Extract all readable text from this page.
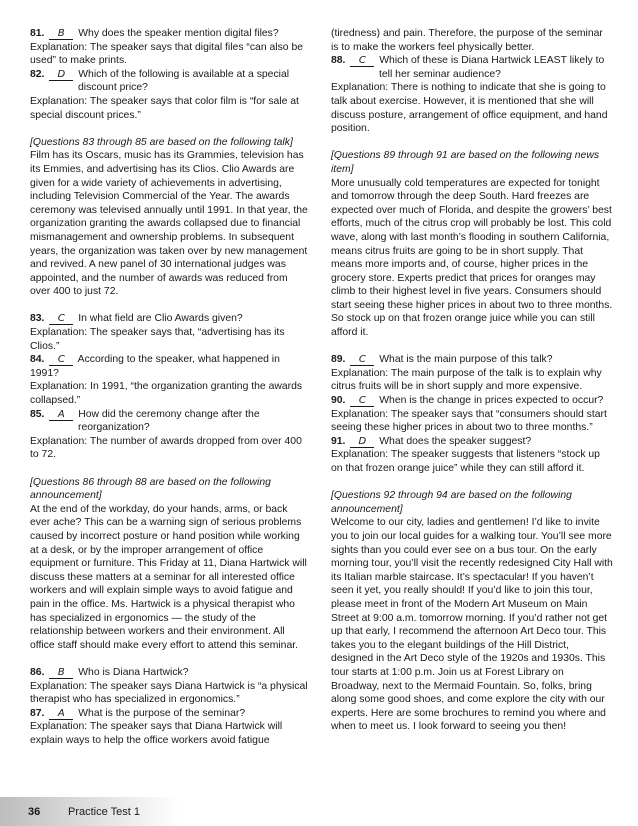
81. B Why does the speaker mention digital files?

Explanation: The speaker says that digital files “can also be used” to make prints.

82. D Which of the following is available at a special

discount price?

Explanation: The speaker says that color film is “for sale at special discount prices.”

[Questions 83 through 85 are based on the following talk]

Film has its Oscars, music has its Grammies, television has its Emmies, and advertising has its Clios. Clio Awards are given for a wide variety of achievements in advertising, including Television Commercial of the Year. The awards ceremony was televised annually until 1991. In that year, the organization granting the awards collapsed due to financial mismanagement and ownership problems. In subsequent years, the organization was taken over by new management and revived. A new panel of 30 international judges was appointed, and the number of awards was reduced from over 400 to just 72.

83. C In what field are Clio Awards given?

Explanation: The speaker says that, “advertising has its Clios.”

84. C According to the speaker, what happened in

1991?

Explanation: In 1991, “the organization granting the awards collapsed.”

85. A How did the ceremony change after the

reorganization?

Explanation: The number of awards dropped from over 400 to 72.

[Questions 86 through 88 are based on the following announcement]

At the end of the workday, do your hands, arms, or back ever ache? This can be a warning sign of serious problems caused by incorrect posture or hand position while working at a desk, or by the improper arrangement of office equipment or furniture. This Friday at 11, Diana Hartwick will discuss these matters at a seminar for all interested office workers and will explain simple ways to avoid fatigue and pain in the office. Ms. Hartwick is a physical therapist who has specialized in ergonomics — the study of the relationship between workers and their environment. All office staff should make every effort to attend this seminar.

86. B Who is Diana Hartwick?

Explanation: The speaker says Diana Hartwick is “a physical therapist who has specialized in ergonomics.”

87. A What is the purpose of the seminar?

Explanation: The speaker says that Diana Hartwick will explain ways to help the office workers avoid fatigue

(tiredness) and pain. Therefore, the purpose of the seminar is to make the workers feel physically better.

88. C Which of these is Diana Hartwick LEAST likely to

tell her seminar audience?

Explanation: There is nothing to indicate that she is going to talk about exercise. However, it is mentioned that she will discuss posture, arrangement of office equipment, and hand position.

[Questions 89 through 91 are based on the following news item]

More unusually cold temperatures are expected for tonight and tomorrow through the deep South. Hard freezes are expected over much of Florida, and despite the growers’ best efforts, much of the citrus crop will probably be lost. This cold wave, along with last month’s flooding in southern California, means citrus fruits are going to be in short supply. That means more imports and, of course, higher prices in the grocery store. Experts predict that prices for oranges may climb to their highest level in five years. Consumers should start seeing these higher prices in about two to three months. So stock up on that frozen orange juice while you can still afford it.

89. C What is the main purpose of this talk?

Explanation: The main purpose of the talk is to explain why citrus fruits will be in short supply and more expensive.

90. C When is the change in prices expected to occur?

Explanation: The speaker says that “consumers should start seeing these higher prices in about two to three months.”

91. D What does the speaker suggest?

Explanation: The speaker suggests that listeners “stock up on that frozen orange juice” while they can still afford it.

[Questions 92 through 94 are based on the following announcement]

Welcome to our city, ladies and gentlemen! I’d like to invite you to join our local guides for a walking tour. You’ll see more sights than you could ever see on a bus tour. On the early morning tour, you’ll visit the recently redesigned City Hall with its Italian marble staircase. It’s spectacular! If you haven’t seen it yet, you really should! If you’d like to join this tour, please meet in front of the Modern Art Museum on Main Street at 9:00 a.m. tomorrow morning. If you’d rather not get up that early, I recommend the afternoon Art Deco tour. This takes you to the elegant buildings of the Hill District, designed in the Art Deco style of the 1920s and 1930s. This tour starts at 1:00 p.m. Join us at Forest Library on Broadway, next to the Mermaid Fountain. So, folks, bring along some good shoes, and come explore the city with our experts. Here are some brochures to remind you where and when to meet us. I look forward to seeing you then!

36	Practice Test 1
